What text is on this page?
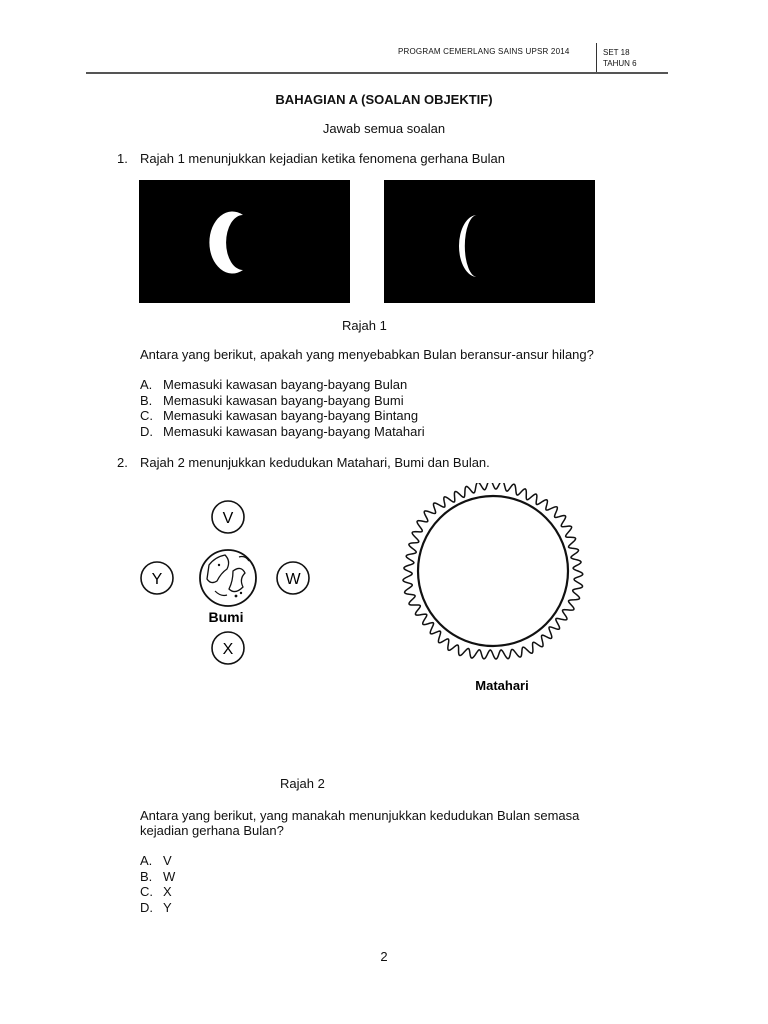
PROGRAM CEMERLANG SAINS UPSR 2014	SET 18
TAHUN 6
BAHAGIAN A (SOALAN OBJEKTIF)
Jawab semua soalan
1. Rajah 1 menunjukkan kejadian ketika fenomena gerhana Bulan
Rajah 1
Antara yang berikut, apakah yang menyebabkan Bulan beransur-ansur hilang?
A. Memasuki kawasan bayang-bayang Bulan
B. Memasuki kawasan bayang-bayang Bumi
C. Memasuki kawasan bayang-bayang Bintang
D. Memasuki kawasan bayang-bayang Matahari
2. Rajah 2 menunjukkan kedudukan Matahari, Bumi dan Bulan.
V
Y	W
X
Bumi
Matahari
Rajah 2
Antara yang berikut, yang manakah menunjukkan kedudukan Bulan semasa
kejadian gerhana Bulan?
A. V
B. W
C. X
D. Y
2
